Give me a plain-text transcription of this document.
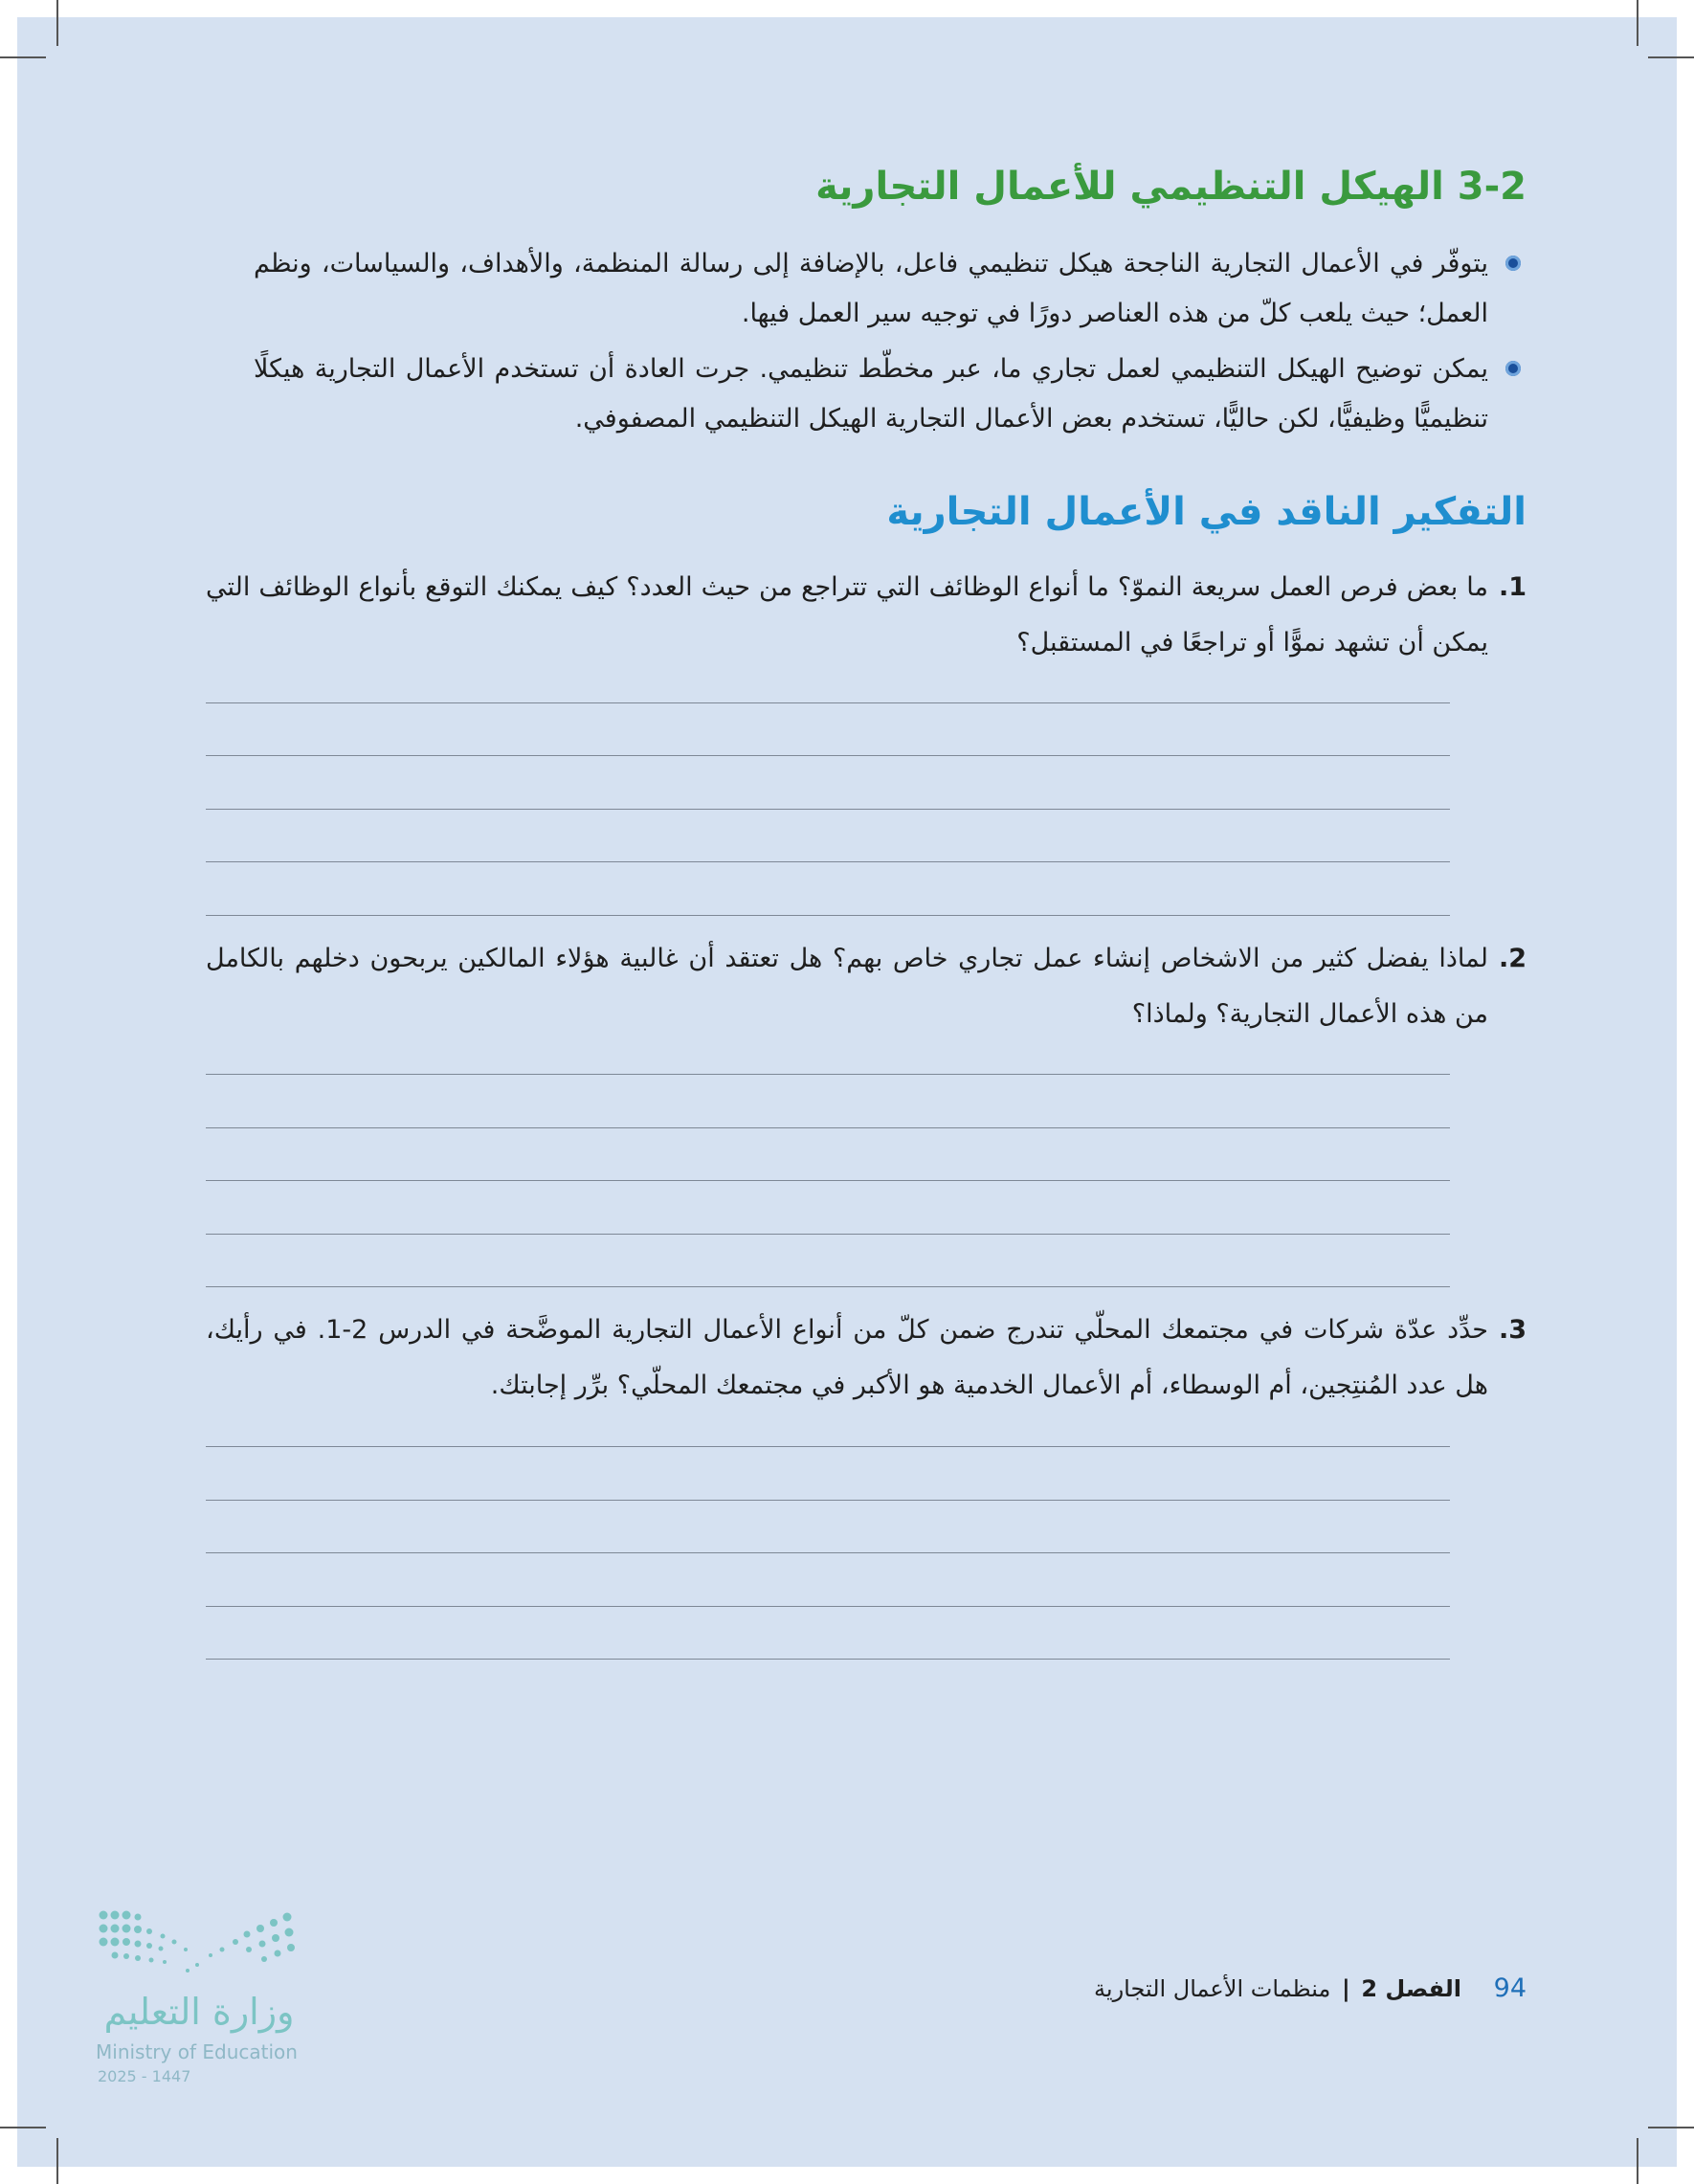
3-2 الهيكل التنظيمي للأعمال التجارية

يتوفّر في الأعمال التجارية الناجحة هيكل تنظيمي فاعل، بالإضافة إلى رسالة المنظمة، والأهداف، والسياسات، ونظم العمل؛ حيث يلعب كلّ من هذه العناصر دورًا في توجيه سير العمل فيها.

يمكن توضيح الهيكل التنظيمي لعمل تجاري ما، عبر مخطّط تنظيمي. جرت العادة أن تستخدم الأعمال التجارية هيكلًا تنظيميًّا وظيفيًّا، لكن حاليًّا، تستخدم بعض الأعمال التجارية الهيكل التنظيمي المصفوفي.

التفكير الناقد في الأعمال التجارية

1.
ما بعض فرص العمل سريعة النموّ؟ ما أنواع الوظائف التي تتراجع من حيث العدد؟ كيف يمكنك التوقع بأنواع الوظائف التي يمكن أن تشهد نموًّا أو تراجعًا في المستقبل؟

2.
لماذا يفضل كثير من الاشخاص إنشاء عمل تجاري خاص بهم؟ هل تعتقد أن غالبية هؤلاء المالكين يربحون دخلهم بالكامل من هذه الأعمال التجارية؟ ولماذا؟

3.
حدِّد عدّة شركات في مجتمعك المحلّي تندرج ضمن كلّ من أنواع الأعمال التجارية الموضَّحة في الدرس 2-1. في رأيك، هل عدد المُنتِجين، أم الوسطاء، أم الأعمال الخدمية هو الأكبر في مجتمعك المحلّي؟ برِّر إجابتك.

94 الفصل 2 | منظمات الأعمال التجارية
وزارة التعليم
Ministry of Education
2025 - 1447
